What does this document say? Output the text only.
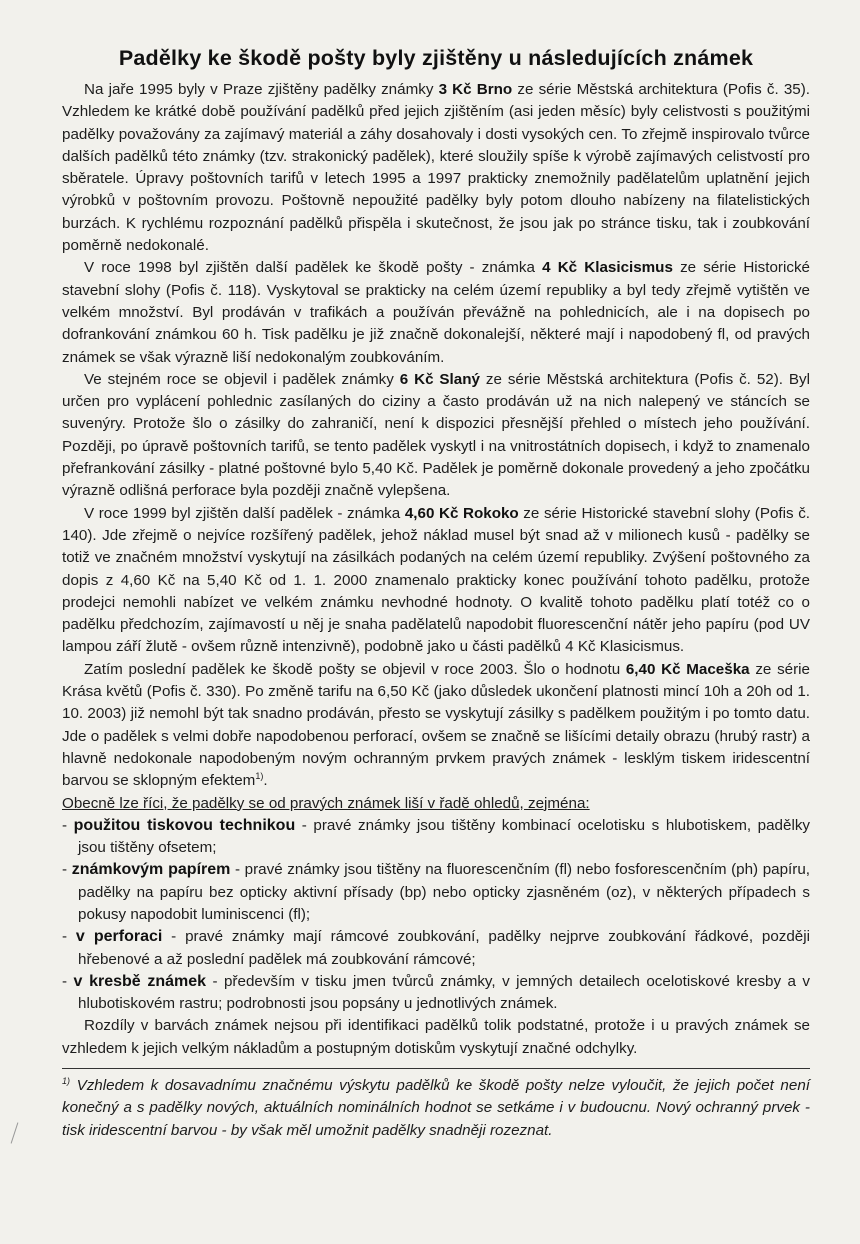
Padělky ke škodě pošty byly zjištěny u následujících známek

Na jaře 1995 byly v Praze zjištěny padělky známky 3 Kč Brno ze série Městská architektura (Pofis č. 35). Vzhledem ke krátké době používání padělků před jejich zjištěním (asi jeden měsíc) byly celistvosti s použitými padělky považovány za zajímavý materiál a záhy dosahovaly i dosti vysokých cen. To zřejmě inspirovalo tvůrce dalších padělků této známky (tzv. strakonický padělek), které sloužily spíše k výrobě zajímavých celistvostí pro sběratele. Úpravy poštovních tarifů v letech 1995 a 1997 prakticky znemožnily padělatelům uplatnění jejich výrobků v poštovním provozu. Poštovně nepoužité padělky byly potom dlouho nabízeny na filatelistických burzách. K rychlému rozpoznání padělků přispěla i skutečnost, že jsou jak po stránce tisku, tak i zoubkování poměrně nedokonalé.

V roce 1998 byl zjištěn další padělek ke škodě pošty - známka 4 Kč Klasicismus ze série Historické stavební slohy (Pofis č. 118). Vyskytoval se prakticky na celém území republiky a byl tedy zřejmě vytištěn ve velkém množství. Byl prodáván v trafikách a používán převážně na pohlednicích, ale i na dopisech po dofrankování známkou 60 h. Tisk padělku je již značně dokonalejší, některé mají i napodobený fl, od pravých známek se však výrazně liší nedokonalým zoubkováním.

Ve stejném roce se objevil i padělek známky 6 Kč Slaný ze série Městská architektura (Pofis č. 52). Byl určen pro vyplácení pohlednic zasílaných do ciziny a často prodáván už na nich nalepený ve stáncích se suvenýry. Protože šlo o zásilky do zahraničí, není k dispozici přesnější přehled o místech jeho používání. Později, po úpravě poštovních tarifů, se tento padělek vyskytl i na vnitrostátních dopisech, i když to znamenalo přefrankování zásilky - platné poštovné bylo 5,40 Kč. Padělek je poměrně dokonale provedený a jeho zpočátku výrazně odlišná perforace byla později značně vylepšena.

V roce 1999 byl zjištěn další padělek - známka 4,60 Kč Rokoko ze série Historické stavební slohy (Pofis č. 140). Jde zřejmě o nejvíce rozšířený padělek, jehož náklad musel být snad až v milionech kusů - padělky se totiž ve značném množství vyskytují na zásilkách podaných na celém území republiky. Zvýšení poštovného za dopis z 4,60 Kč na 5,40 Kč od 1. 1. 2000 znamenalo prakticky konec používání tohoto padělku, protože prodejci nemohli nabízet ve velkém známku nevhodné hodnoty. O kvalitě tohoto padělku platí totéž co o padělku předchozím, zajímavostí u něj je snaha padělatelů napodobit fluorescenční nátěr jeho papíru (pod UV lampou září žlutě - ovšem různě intenzivně), podobně jako u části padělků 4 Kč Klasicismus.

Zatím poslední padělek ke škodě pošty se objevil v roce 2003. Šlo o hodnotu 6,40 Kč Maceška ze série Krása květů (Pofis č. 330). Po změně tarifu na 6,50 Kč (jako důsledek ukončení platnosti mincí 10h a 20h od 1. 10. 2003) již nemohl být tak snadno prodáván, přesto se vyskytují zásilky s padělkem použitým i po tomto datu. Jde o padělek s velmi dobře napodobenou perforací, ovšem se značně se lišícími detaily obrazu (hrubý rastr) a hlavně nedokonale napodobeným novým ochranným prvkem pravých známek - lesklým tiskem iridescentní barvou se sklopným efektem$^{1)}$.

Obecně lze říci, že padělky se od pravých známek liší v řadě ohledů, zejména:

- použitou tiskovou technikou - pravé známky jsou tištěny kombinací ocelotisku s hlubotiskem, padělky jsou tištěny ofsetem;
- známkovým papírem - pravé známky jsou tištěny na fluorescenčním (fl) nebo fosforescenčním (ph) papíru, padělky na papíru bez opticky aktivní přísady (bp) nebo opticky zjasněném (oz), v některých případech s pokusy napodobit luminiscenci (fl);
- v perforaci - pravé známky mají rámcové zoubkování, padělky nejprve zoubkování řádkové, později hřebenové a až poslední padělek má zoubkování rámcové;
- v kresbě známek - především v tisku jmen tvůrců známky, v jemných detailech ocelotiskové kresby a v hlubotiskovém rastru; podrobnosti jsou popsány u jednotlivých známek.

Rozdíly v barvách známek nejsou při identifikaci padělků tolik podstatné, protože i u pravých známek se vzhledem k jejich velkým nákladům a postupným dotiskům vyskytují značné odchylky.

$^{1)}$ Vzhledem k dosavadnímu značnému výskytu padělků ke škodě pošty nelze vyloučit, že jejich počet není konečný a s padělky nových, aktuálních nominálních hodnot se setkáme i v budoucnu. Nový ochranný prvek - tisk iridescentní barvou - by však měl umožnit padělky snadněji rozeznat.
